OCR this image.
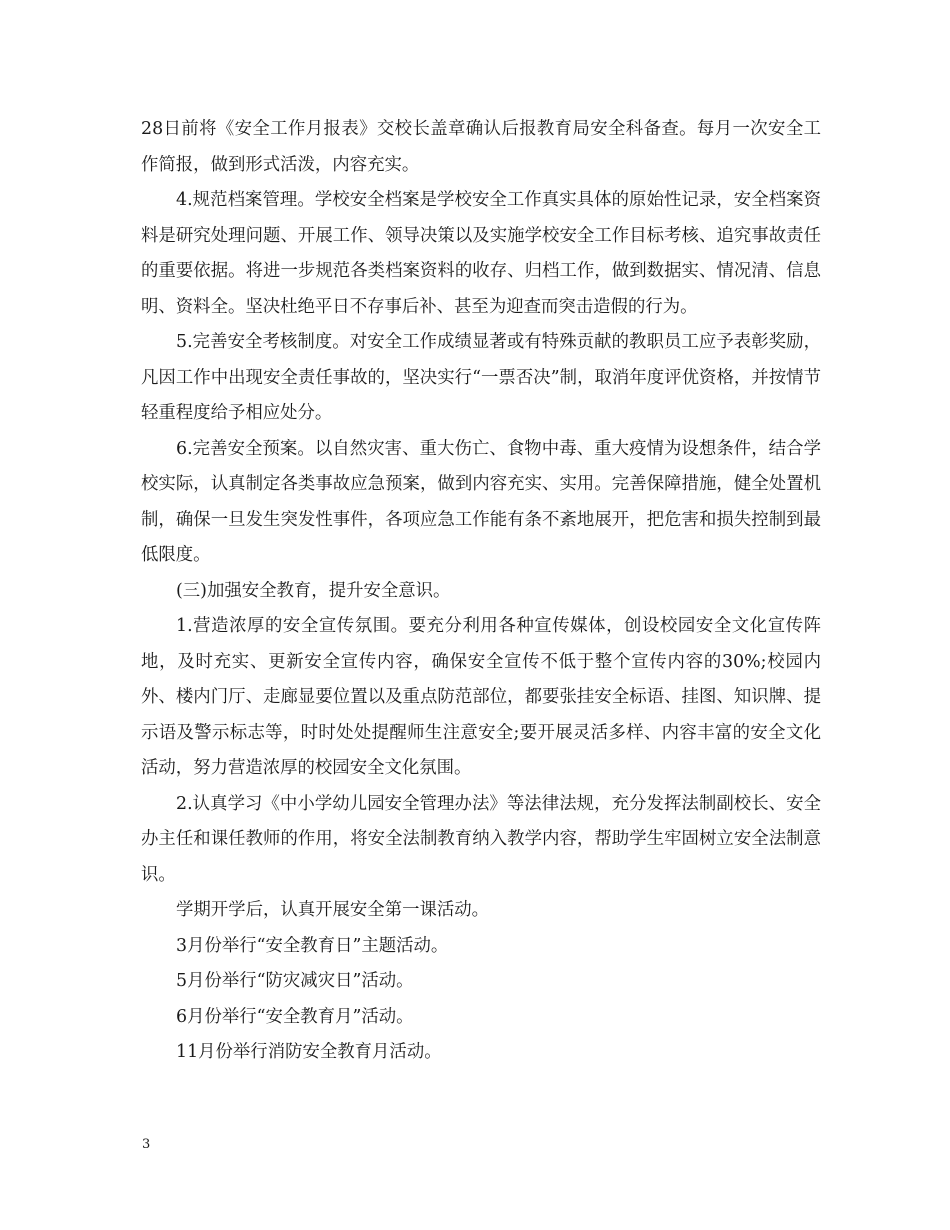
28日前将《安全工作月报表》交校长盖章确认后报教育局安全科备查。每月一次安全工作简报，做到形式活泼，内容充实。

4.规范档案管理。学校安全档案是学校安全工作真实具体的原始性记录，安全档案资料是研究处理问题、开展工作、领导决策以及实施学校安全工作目标考核、追究事故责任的重要依据。将进一步规范各类档案资料的收存、归档工作，做到数据实、情况清、信息明、资料全。坚决杜绝平日不存事后补、甚至为迎查而突击造假的行为。

5.完善安全考核制度。对安全工作成绩显著或有特殊贡献的教职员工应予表彰奖励，凡因工作中出现安全责任事故的，坚决实行“一票否决”制，取消年度评优资格，并按情节轻重程度给予相应处分。

6.完善安全预案。以自然灾害、重大伤亡、食物中毒、重大疫情为设想条件，结合学校实际，认真制定各类事故应急预案，做到内容充实、实用。完善保障措施，健全处置机制，确保一旦发生突发性事件，各项应急工作能有条不紊地展开，把危害和损失控制到最低限度。

(三)加强安全教育，提升安全意识。

1.营造浓厚的安全宣传氛围。要充分利用各种宣传媒体，创设校园安全文化宣传阵地，及时充实、更新安全宣传内容，确保安全宣传不低于整个宣传内容的30%;校园内外、楼内门厅、走廊显要位置以及重点防范部位，都要张挂安全标语、挂图、知识牌、提示语及警示标志等，时时处处提醒师生注意安全;要开展灵活多样、内容丰富的安全文化活动，努力营造浓厚的校园安全文化氛围。

2.认真学习《中小学幼儿园安全管理办法》等法律法规，充分发挥法制副校长、安全办主任和课任教师的作用，将安全法制教育纳入教学内容，帮助学生牢固树立安全法制意识。

学期开学后，认真开展安全第一课活动。

3月份举行“安全教育日”主题活动。

5月份举行“防灾减灾日”活动。

6月份举行“安全教育月”活动。

11月份举行消防安全教育月活动。

3
